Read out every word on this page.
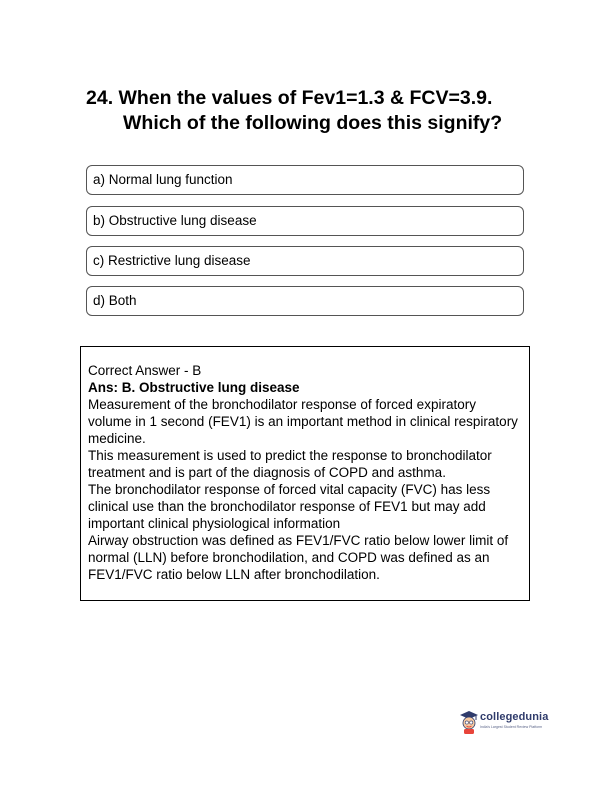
24. When the values of Fev1=1.3 & FCV=3.9.
Which of the following does this signify?
a) Normal lung function
b) Obstructive lung disease
c) Restrictive lung disease
d) Both

Correct Answer - B

Ans: B. Obstructive lung disease

Measurement of the bronchodilator response of forced expiratory volume in 1 second (FEV1) is an important method in clinical respiratory medicine.

This measurement is used to predict the response to bronchodilator treatment and is part of the diagnosis of COPD and asthma.

The bronchodilator response of forced vital capacity (FVC) has less clinical use than the bronchodilator response of FEV1 but may add important clinical physiological information

Airway obstruction was defined as FEV1/FVC ratio below lower limit of normal (LLN) before bronchodilation, and COPD was defined as an FEV1/FVC ratio below LLN after bronchodilation.

collegedunia
India's Largest Student Review Platform
